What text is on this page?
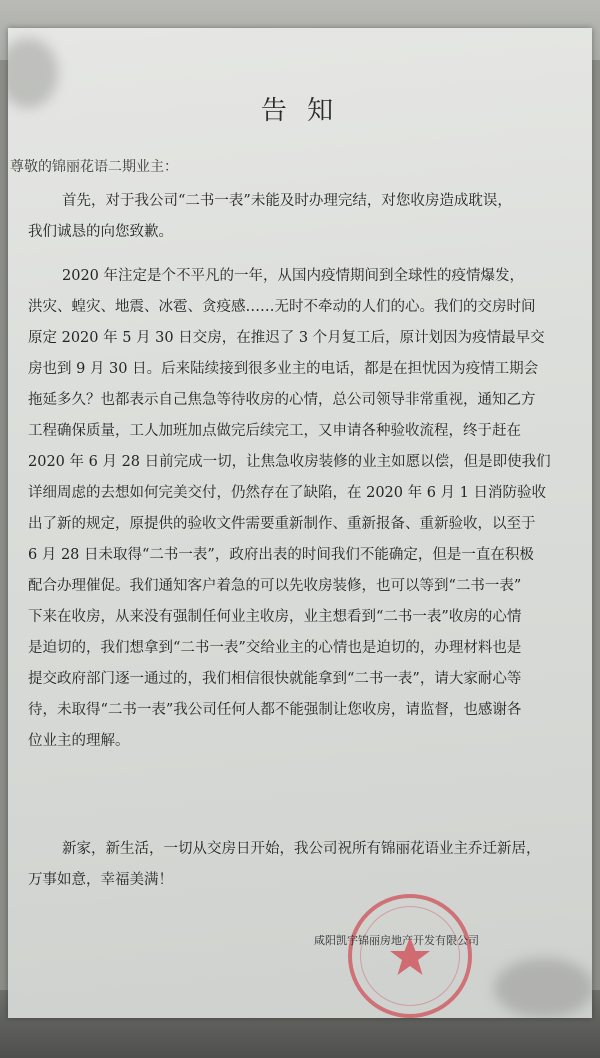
告 知
尊敬的锦丽花语二期业主：
首先，对于我公司“二书一表”未能及时办理完结，对您收房造成耽误，
我们诚恳的向您致歉。
2020 年注定是个不平凡的一年，从国内疫情期间到全球性的疫情爆发，
洪灾、蝗灾、地震、冰雹、贪疫感……无时不牵动的人们的心。我们的交房时间
原定 2020 年 5 月 30 日交房，在推迟了 3 个月复工后，原计划因为疫情最早交
房也到 9 月 30 日。后来陆续接到很多业主的电话，都是在担忧因为疫情工期会
拖延多久？也都表示自己焦急等待收房的心情，总公司领导非常重视，通知乙方
工程确保质量，工人加班加点做完后续完工，又申请各种验收流程，终于赶在
2020 年 6 月 28 日前完成一切，让焦急收房装修的业主如愿以偿，但是即使我们
详细周虑的去想如何完美交付，仍然存在了缺陷，在 2020 年 6 月 1 日消防验收
出了新的规定，原提供的验收文件需要重新制作、重新报备、重新验收，以至于
6 月 28 日未取得“二书一表”，政府出表的时间我们不能确定，但是一直在积极
配合办理催促。我们通知客户着急的可以先收房装修，也可以等到“二书一表”
下来在收房，从来没有强制任何业主收房，业主想看到“二书一表”收房的心情
是迫切的，我们想拿到“二书一表”交给业主的心情也是迫切的，办理材料也是
提交政府部门逐一通过的，我们相信很快就能拿到“二书一表”，请大家耐心等
待，未取得“二书一表”我公司任何人都不能强制让您收房，请监督，也感谢各
位业主的理解。
新家，新生活，一切从交房日开始，我公司祝所有锦丽花语业主乔迁新居，
万事如意，幸福美满！
咸阳凯宇锦丽房地产开发有限公司
